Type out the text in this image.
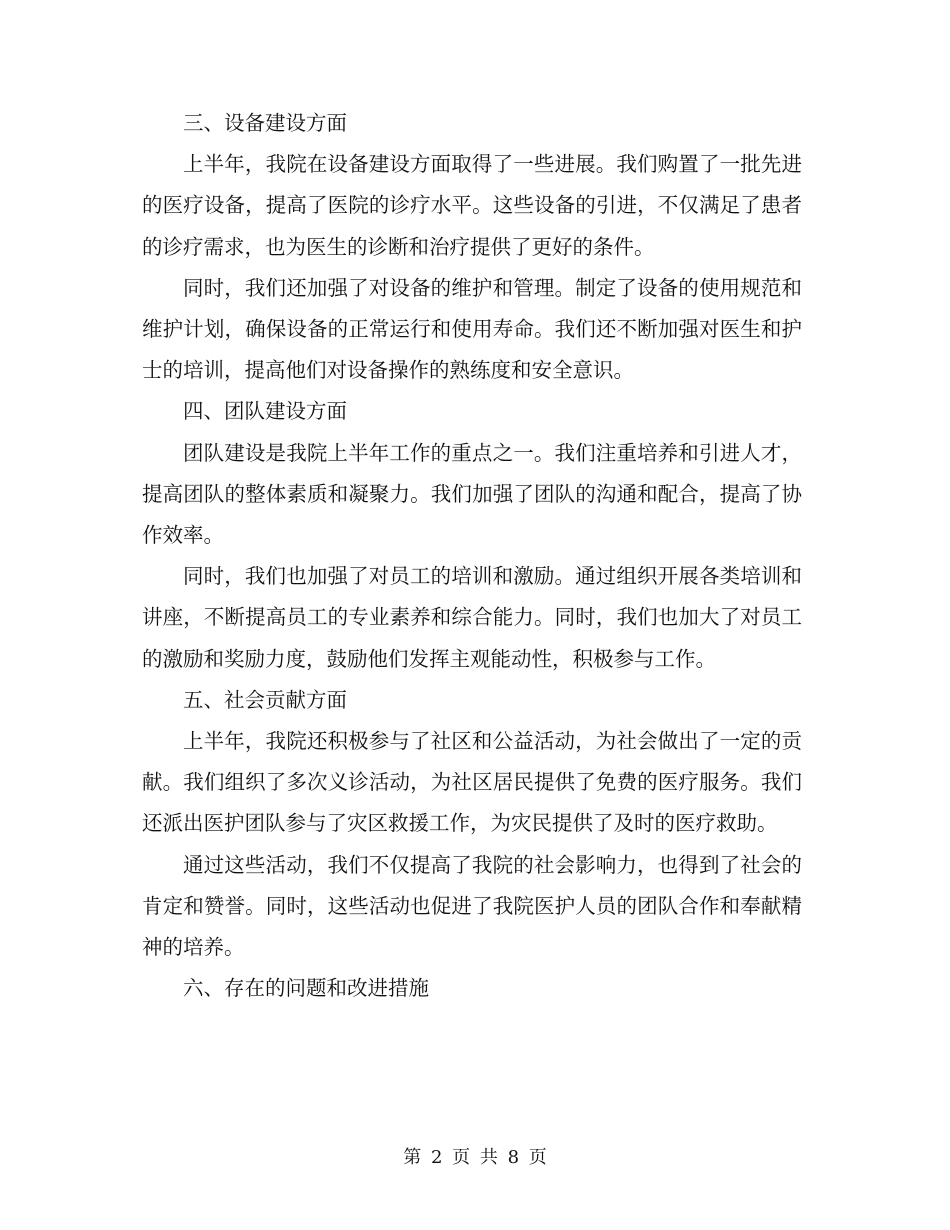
三、设备建设方面

上半年，我院在设备建设方面取得了一些进展。我们购置了一批先进的医疗设备，提高了医院的诊疗水平。这些设备的引进，不仅满足了患者的诊疗需求，也为医生的诊断和治疗提供了更好的条件。

同时，我们还加强了对设备的维护和管理。制定了设备的使用规范和维护计划，确保设备的正常运行和使用寿命。我们还不断加强对医生和护士的培训，提高他们对设备操作的熟练度和安全意识。

四、团队建设方面

团队建设是我院上半年工作的重点之一。我们注重培养和引进人才，提高团队的整体素质和凝聚力。我们加强了团队的沟通和配合，提高了协作效率。

同时，我们也加强了对员工的培训和激励。通过组织开展各类培训和讲座，不断提高员工的专业素养和综合能力。同时，我们也加大了对员工的激励和奖励力度，鼓励他们发挥主观能动性，积极参与工作。

五、社会贡献方面

上半年，我院还积极参与了社区和公益活动，为社会做出了一定的贡献。我们组织了多次义诊活动，为社区居民提供了免费的医疗服务。我们还派出医护团队参与了灾区救援工作，为灾民提供了及时的医疗救助。

通过这些活动，我们不仅提高了我院的社会影响力，也得到了社会的肯定和赞誉。同时，这些活动也促进了我院医护人员的团队合作和奉献精神的培养。

六、存在的问题和改进措施

第 2 页 共 8 页
